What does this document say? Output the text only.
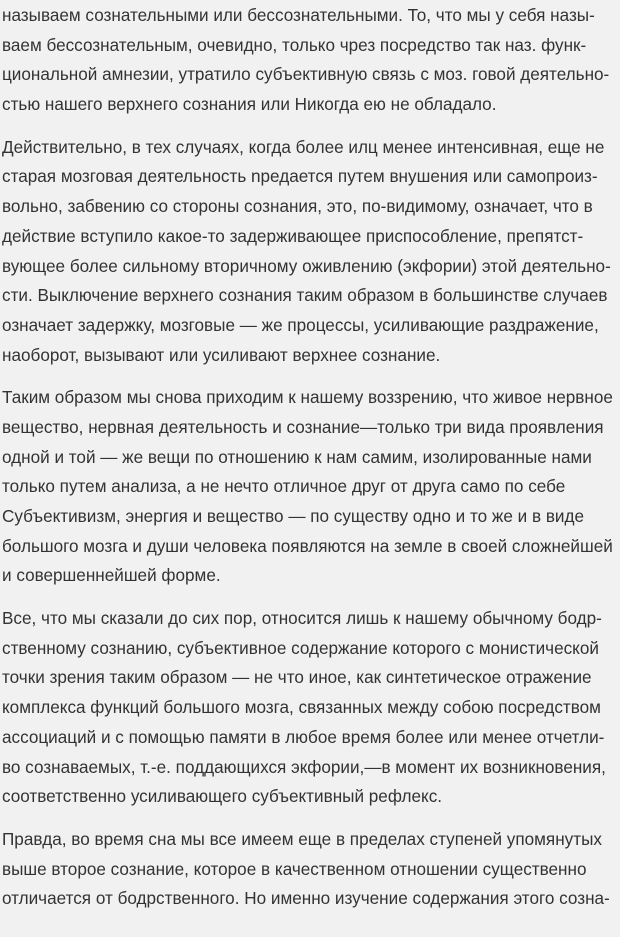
называем сознательными или бессознательными. То, что мы у себя назы-
ваем бессознательным, очевидно, только чрез посредство так наз. функ-
циональной амнезии, утратило субъективную связь с моз. говой деятельно-
стью нашего верхнего сознания или Никогда ею не обладало.
Действительно, в тех случаях, когда более илц менее интенсивная, еще не
старая мозговая деятельность nредается путем внушения или самопроиз-
вольно, забвению со стороны сознания, это, по-видимому, означает, что в
действие вступило какое-то задерживающее приспособление, препятст-
вующее более сильному вторичному оживлению (экфории) этой деятельно-
сти. Выключение верхнего сознания таким образом в большинстве случаев
означает задержку, мозговые — же процессы, усиливающие раздражение,
наоборот, вызывают или усиливают верхнее сознание.
Таким образом мы снова приходим к нашему воззрению, что живое нервное
вещество, нервная деятельность и сознание—только три вида проявления
одной и той — же вещи по отношению к нам самим, изолированные нами
только путем анализа, а не нечто отличное друг от друга само по себе
Субъективизм, энергия и вещество — по существу одно и то же и в виде
большого мозга и души человека появляются на земле в своей сложнейшей
и совершеннейшей форме.
Все, что мы сказали до сих пор, относится лишь к нашему обычному бодр-
ственному сознанию, субъективное содержание которого с монистической
точки зрения таким образом — не что иное, как синтетическое отражение
комплекса функций большого мозга, связанных между собою посредством
ассоциаций и с помощью памяти в любое время более или менее отчетли-
во сознаваемых, т.-е. поддающихся экфории,—в момент их возникновения,
соответственно усиливающего субъективный рефлекс.
Правда, во время сна мы все имеем еще в пределах ступеней упомянутых
выше второе сознание, которое в качественном отношении существенно
отличается от бодрственного. Но именно изучение содержания этого созна-
